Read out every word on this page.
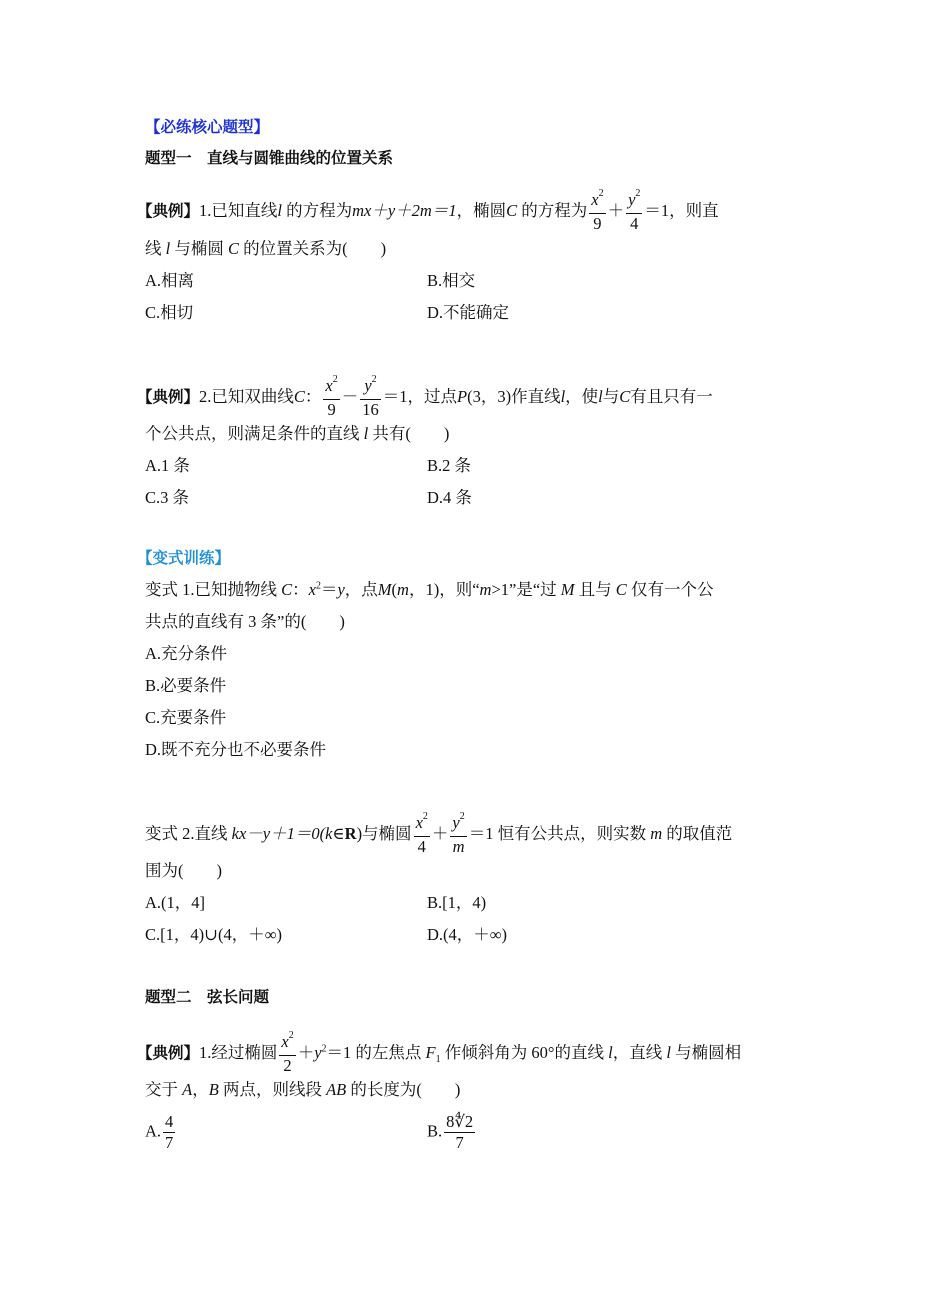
【必练核心题型】
题型一　直线与圆锥曲线的位置关系
【典例】1.已知直线l 的方程为mx＋y＋2m＝1，椭圆C 的方程为 $\frac{x^2}{9} + \frac{y^2}{4} =1$，则直
线 l 与椭圆 C 的位置关系为(　　)
A.相离	B.相交
C.相切	D.不能确定
【典例】2.已知双曲线C： $\frac{x^2}{9} - \frac{y^2}{16} =1$，过点P(3，3)作直线l，使l与C有且只有一
个公共点，则满足条件的直线 l 共有(　　)
A.1 条	B.2 条
C.3 条	D.4 条
【变式训练】
变式 1.已知抛物线 C：$x^2=y$，点M(m，1)，则“m>1”是“过 M 且与 C 仅有一个公
共点的直线有 3 条”的(　　)
A.充分条件
B.必要条件
C.充要条件
D.既不充分也不必要条件
变式 2.直线 kx－y＋1＝0(k∈R)与椭圆 $\frac{x^2}{4} + \frac{y^2}{m} =1$ 恒有公共点，则实数 m 的取值范
围为(　　)
A.(1，4]	B.[1，4)
C.[1，4)∪(4，＋∞)	D.(4，＋∞)
题型二　弦长问题
【典例】1.经过椭圆 $\frac{x^2}{2} +y^2=1$ 的左焦点 $F_1$ 作倾斜角为 60°的直线 l，直线 l 与椭圆相
交于 A，B 两点，则线段 AB 的长度为(　　)
A. $\frac{4}{7}$	B. $\frac{8∜2}{7}$
